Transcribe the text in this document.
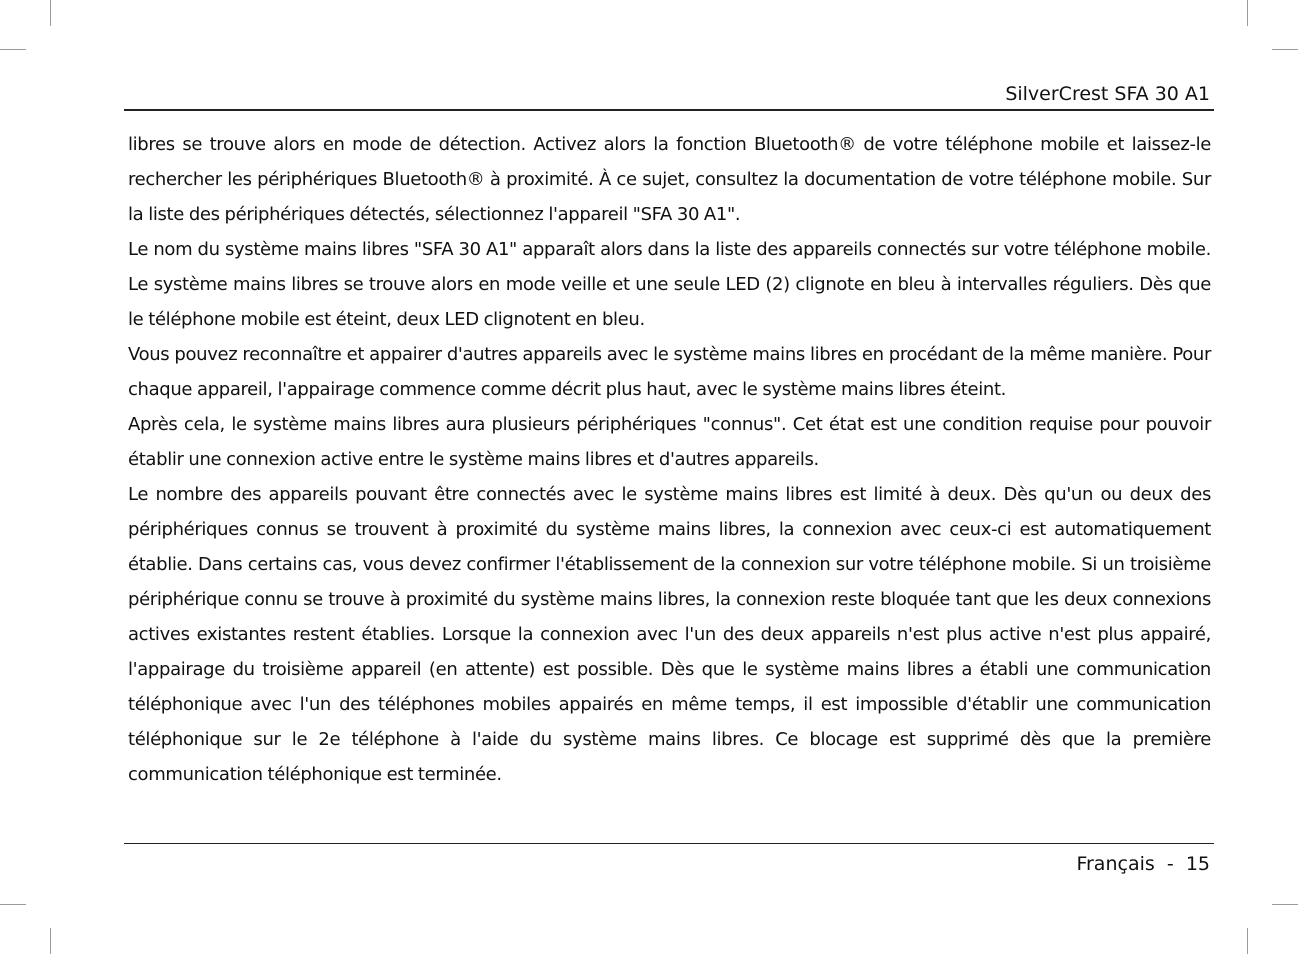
SilverCrest SFA 30 A1

libres se trouve alors en mode de détection. Activez alors la fonction Bluetooth® de votre téléphone mobile et laissez-le rechercher les périphériques Bluetooth® à proximité. À ce sujet, consultez la documentation de votre téléphone mobile. Sur la liste des périphériques détectés, sélectionnez l'appareil "SFA 30 A1".

Le nom du système mains libres "SFA 30 A1" apparaît alors dans la liste des appareils connectés sur votre téléphone mobile. Le système mains libres se trouve alors en mode veille et une seule LED (2) clignote en bleu à intervalles réguliers. Dès que le téléphone mobile est éteint, deux LED clignotent en bleu.

Vous pouvez reconnaître et appairer d'autres appareils avec le système mains libres en procédant de la même manière. Pour chaque appareil, l'appairage commence comme décrit plus haut, avec le système mains libres éteint.

Après cela, le système mains libres aura plusieurs périphériques "connus". Cet état est une condition requise pour pouvoir établir une connexion active entre le système mains libres et d'autres appareils.

Le nombre des appareils pouvant être connectés avec le système mains libres est limité à deux. Dès qu'un ou deux des périphériques connus se trouvent à proximité du système mains libres, la connexion avec ceux-ci est automatiquement établie. Dans certains cas, vous devez confirmer l'établissement de la connexion sur votre téléphone mobile. Si un troisième périphérique connu se trouve à proximité du système mains libres, la connexion reste bloquée tant que les deux connexions actives existantes restent établies. Lorsque la connexion avec l'un des deux appareils n'est plus active n'est plus appairé, l'appairage du troisième appareil (en attente) est possible. Dès que le système mains libres a établi une communication téléphonique avec l'un des téléphones mobiles appairés en même temps, il est impossible d'établir une communication téléphonique sur le 2e téléphone à l'aide du système mains libres. Ce blocage est supprimé dès que la première communication téléphonique est terminée.

Français - 15
